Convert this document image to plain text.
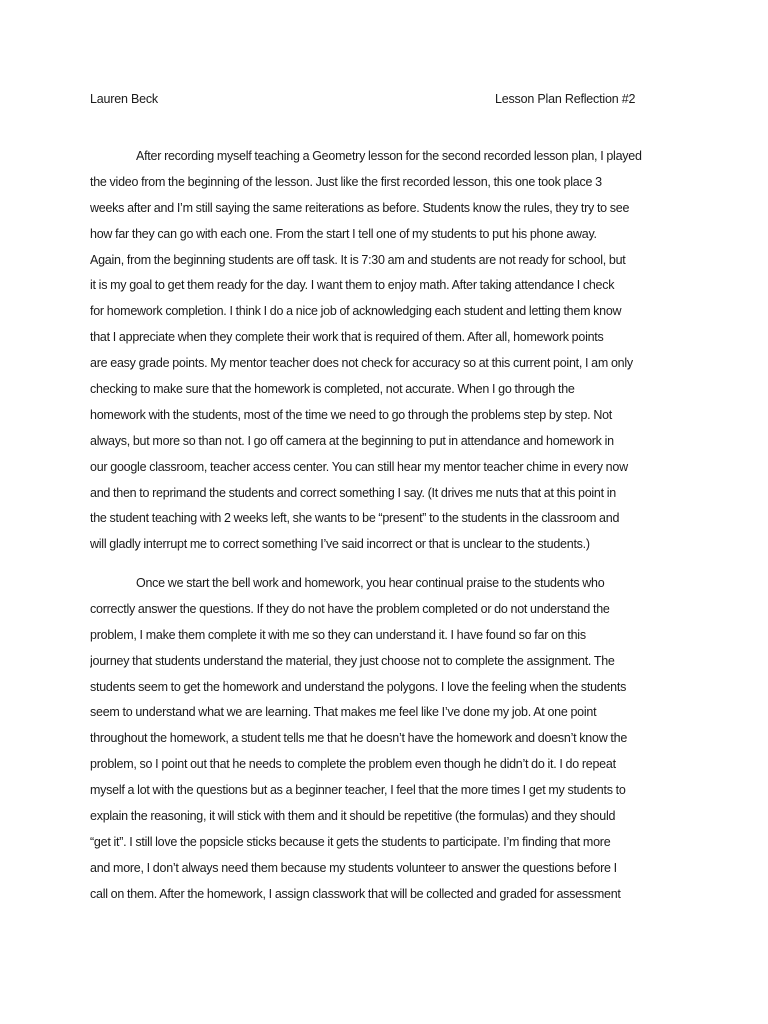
Lauren Beck	Lesson Plan Reflection #2
After recording myself teaching a Geometry lesson for the second recorded lesson plan, I played
the video from the beginning of the lesson. Just like the first recorded lesson, this one took place 3
weeks after and I’m still saying the same reiterations as before. Students know the rules, they try to see
how far they can go with each one. From the start I tell one of my students to put his phone away.
Again, from the beginning students are off task. It is 7:30 am and students are not ready for school, but
it is my goal to get them ready for the day. I want them to enjoy math. After taking attendance I check
for homework completion. I think I do a nice job of acknowledging each student and letting them know
that I appreciate when they complete their work that is required of them. After all, homework points
are easy grade points. My mentor teacher does not check for accuracy so at this current point, I am only
checking to make sure that the homework is completed, not accurate. When I go through the
homework with the students, most of the time we need to go through the problems step by step. Not
always, but more so than not. I go off camera at the beginning to put in attendance and homework in
our google classroom, teacher access center. You can still hear my mentor teacher chime in every now
and then to reprimand the students and correct something I say. (It drives me nuts that at this point in
the student teaching with 2 weeks left, she wants to be “present” to the students in the classroom and
will gladly interrupt me to correct something I’ve said incorrect or that is unclear to the students.)
Once we start the bell work and homework, you hear continual praise to the students who
correctly answer the questions. If they do not have the problem completed or do not understand the
problem, I make them complete it with me so they can understand it. I have found so far on this
journey that students understand the material, they just choose not to complete the assignment. The
students seem to get the homework and understand the polygons. I love the feeling when the students
seem to understand what we are learning. That makes me feel like I’ve done my job. At one point
throughout the homework, a student tells me that he doesn’t have the homework and doesn’t know the
problem, so I point out that he needs to complete the problem even though he didn’t do it. I do repeat
myself a lot with the questions but as a beginner teacher, I feel that the more times I get my students to
explain the reasoning, it will stick with them and it should be repetitive (the formulas) and they should
“get it”. I still love the popsicle sticks because it gets the students to participate. I’m finding that more
and more, I don’t always need them because my students volunteer to answer the questions before I
call on them. After the homework, I assign classwork that will be collected and graded for assessment
